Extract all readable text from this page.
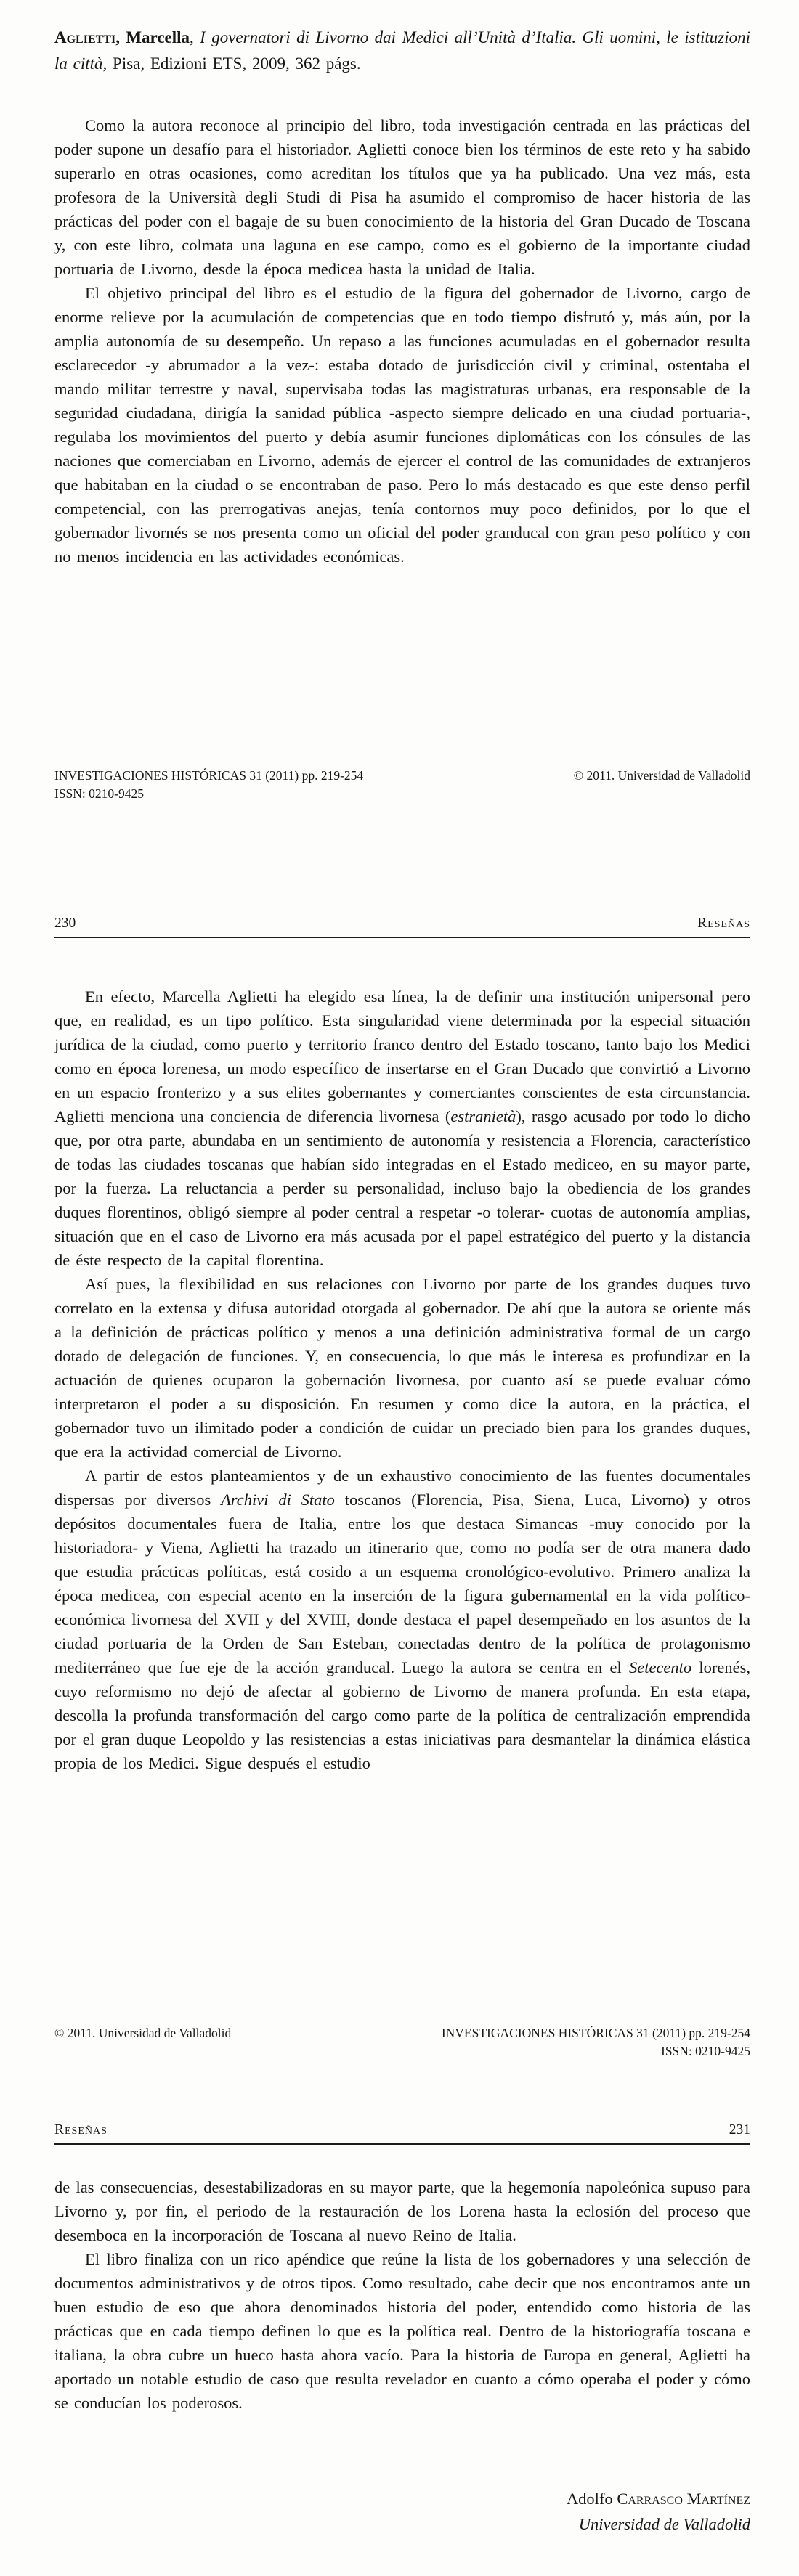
Aglietti, Marcella, I governatori di Livorno dai Medici all’Unità d’Italia. Gli uomini, le istituzioni la città, Pisa, Edizioni ETS, 2009, 362 págs.

Como la autora reconoce al principio del libro, toda investigación centrada en las prácticas del poder supone un desafío para el historiador. Aglietti conoce bien los términos de este reto y ha sabido superarlo en otras ocasiones, como acreditan los títulos que ya ha publicado. Una vez más, esta profesora de la Università degli Studi di Pisa ha asumido el compromiso de hacer historia de las prácticas del poder con el bagaje de su buen conocimiento de la historia del Gran Ducado de Toscana y, con este libro, colmata una laguna en ese campo, como es el gobierno de la importante ciudad portuaria de Livorno, desde la época medicea hasta la unidad de Italia.

El objetivo principal del libro es el estudio de la figura del gobernador de Livorno, cargo de enorme relieve por la acumulación de competencias que en todo tiempo disfrutó y, más aún, por la amplia autonomía de su desempeño. Un repaso a las funciones acumuladas en el gobernador resulta esclarecedor -y abrumador a la vez-: estaba dotado de jurisdicción civil y criminal, ostentaba el mando militar terrestre y naval, supervisaba todas las magistraturas urbanas, era responsable de la seguridad ciudadana, dirigía la sanidad pública -aspecto siempre delicado en una ciudad portuaria-, regulaba los movimientos del puerto y debía asumir funciones diplomáticas con los cónsules de las naciones que comerciaban en Livorno, además de ejercer el control de las comunidades de extranjeros que habitaban en la ciudad o se encontraban de paso. Pero lo más destacado es que este denso perfil competencial, con las prerrogativas anejas, tenía contornos muy poco definidos, por lo que el gobernador livornés se nos presenta como un oficial del poder granducal con gran peso político y con no menos incidencia en las actividades económicas.

INVESTIGACIONES HISTÓRICAS 31 (2011) pp. 219-254
ISSN: 0210-9425
© 2011. Universidad de Valladolid
230	Reseñas

En efecto, Marcella Aglietti ha elegido esa línea, la de definir una institución unipersonal pero que, en realidad, es un tipo político. Esta singularidad viene determinada por la especial situación jurídica de la ciudad, como puerto y territorio franco dentro del Estado toscano, tanto bajo los Medici como en época lorenesa, un modo específico de insertarse en el Gran Ducado que convirtió a Livorno en un espacio fronterizo y a sus elites gobernantes y comerciantes conscientes de esta circunstancia. Aglietti menciona una conciencia de diferencia livornesa (estranietà), rasgo acusado por todo lo dicho que, por otra parte, abundaba en un sentimiento de autonomía y resistencia a Florencia, característico de todas las ciudades toscanas que habían sido integradas en el Estado mediceo, en su mayor parte, por la fuerza. La reluctancia a perder su personalidad, incluso bajo la obediencia de los grandes duques florentinos, obligó siempre al poder central a respetar -o tolerar- cuotas de autonomía amplias, situación que en el caso de Livorno era más acusada por el papel estratégico del puerto y la distancia de éste respecto de la capital florentina.

Así pues, la flexibilidad en sus relaciones con Livorno por parte de los grandes duques tuvo correlato en la extensa y difusa autoridad otorgada al gobernador. De ahí que la autora se oriente más a la definición de prácticas político y menos a una definición administrativa formal de un cargo dotado de delegación de funciones. Y, en consecuencia, lo que más le interesa es profundizar en la actuación de quienes ocuparon la gobernación livornesa, por cuanto así se puede evaluar cómo interpretaron el poder a su disposición. En resumen y como dice la autora, en la práctica, el gobernador tuvo un ilimitado poder a condición de cuidar un preciado bien para los grandes duques, que era la actividad comercial de Livorno.

A partir de estos planteamientos y de un exhaustivo conocimiento de las fuentes documentales dispersas por diversos Archivi di Stato toscanos (Florencia, Pisa, Siena, Luca, Livorno) y otros depósitos documentales fuera de Italia, entre los que destaca Simancas -muy conocido por la historiadora- y Viena, Aglietti ha trazado un itinerario que, como no podía ser de otra manera dado que estudia prácticas políticas, está cosido a un esquema cronológico-evolutivo. Primero analiza la época medicea, con especial acento en la inserción de la figura gubernamental en la vida político-económica livornesa del XVII y del XVIII, donde destaca el papel desempeñado en los asuntos de la ciudad portuaria de la Orden de San Esteban, conectadas dentro de la política de protagonismo mediterráneo que fue eje de la acción granducal. Luego la autora se centra en el Setecento lorenés, cuyo reformismo no dejó de afectar al gobierno de Livorno de manera profunda. En esta etapa, descolla la profunda transformación del cargo como parte de la política de centralización emprendida por el gran duque Leopoldo y las resistencias a estas iniciativas para desmantelar la dinámica elástica propia de los Medici. Sigue después el estudio

© 2011. Universidad de Valladolid	INVESTIGACIONES HISTÓRICAS 31 (2011) pp. 219-254
ISSN: 0210-9425
Reseñas	231

de las consecuencias, desestabilizadoras en su mayor parte, que la hegemonía napoleónica supuso para Livorno y, por fin, el periodo de la restauración de los Lorena hasta la eclosión del proceso que desemboca en la incorporación de Toscana al nuevo Reino de Italia.

El libro finaliza con un rico apéndice que reúne la lista de los gobernadores y una selección de documentos administrativos y de otros tipos. Como resultado, cabe decir que nos encontramos ante un buen estudio de eso que ahora denominados historia del poder, entendido como historia de las prácticas que en cada tiempo definen lo que es la política real. Dentro de la historiografía toscana e italiana, la obra cubre un hueco hasta ahora vacío. Para la historia de Europa en general, Aglietti ha aportado un notable estudio de caso que resulta revelador en cuanto a cómo operaba el poder y cómo se conducían los poderosos.

Adolfo Carrasco Martínez
Universidad de Valladolid
